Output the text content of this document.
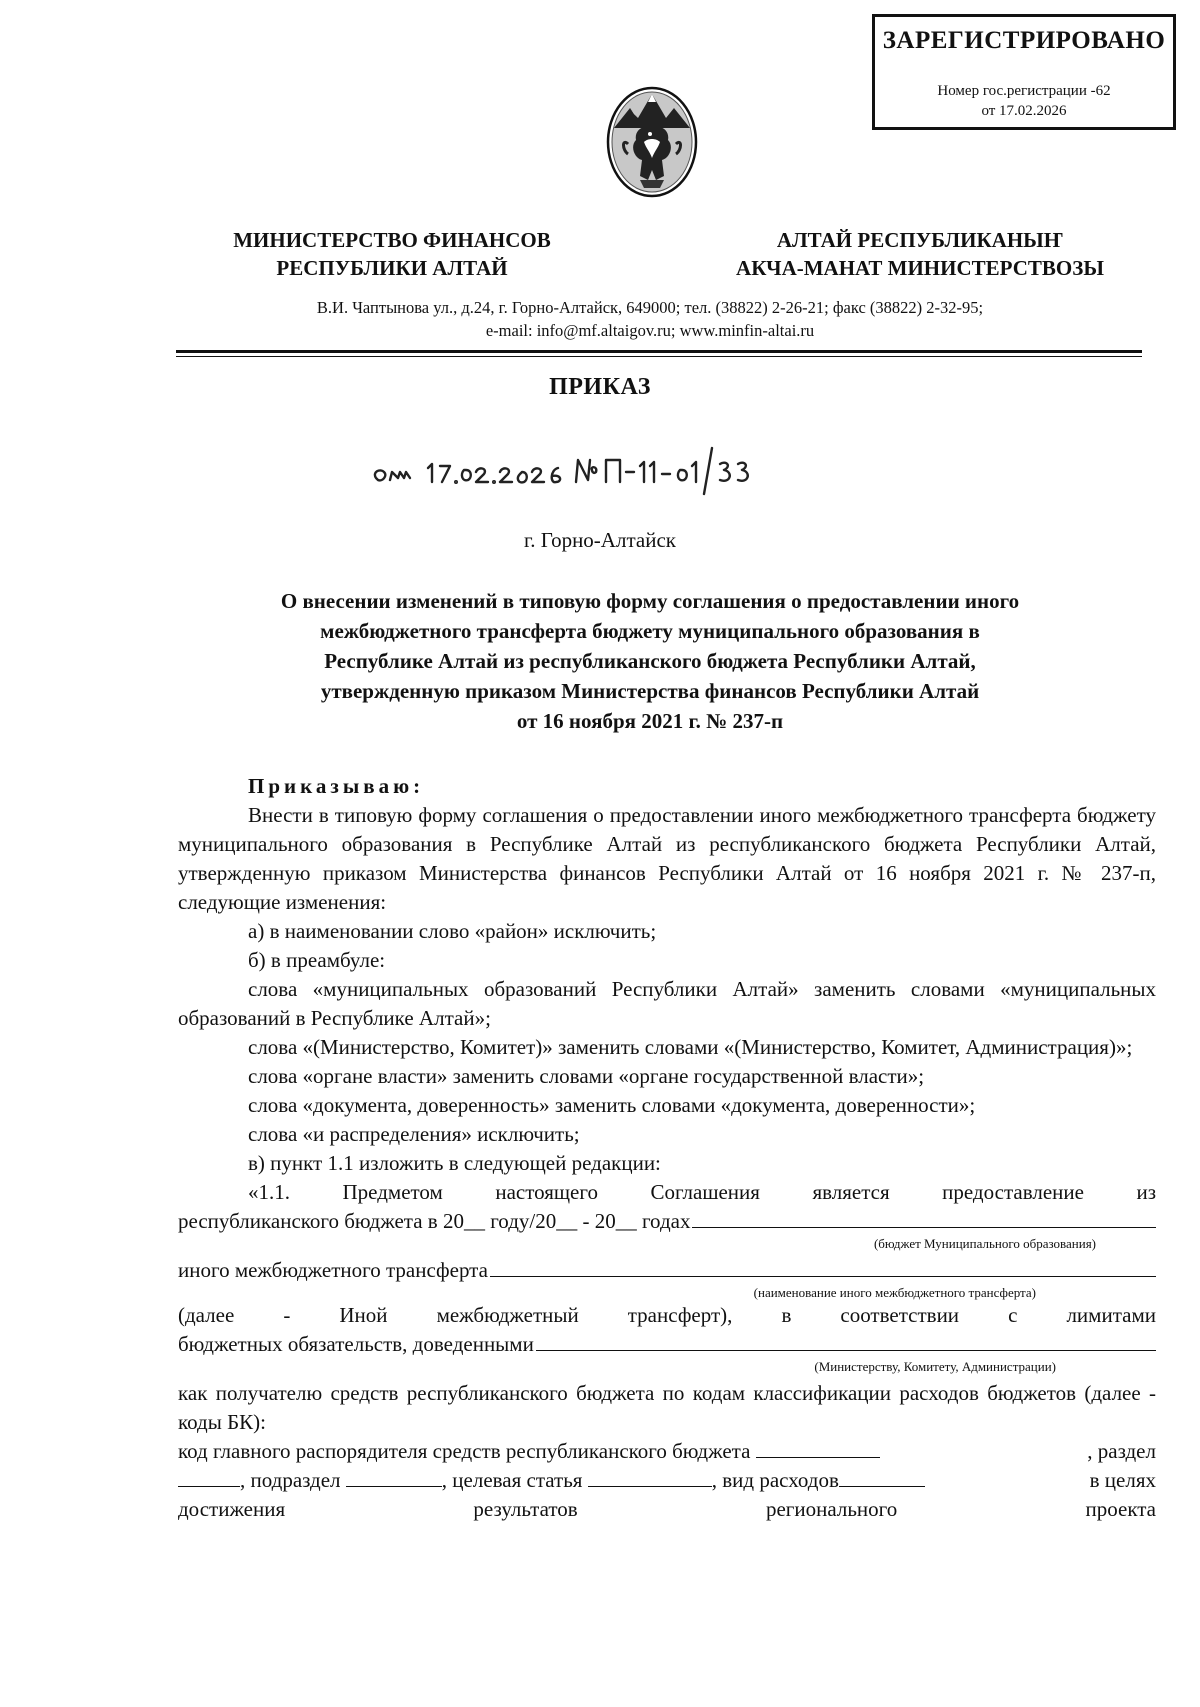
ЗАРЕГИСТРИРОВАНО
Номер гос.регистрации -62
от 17.02.2026
МИНИСТЕРСТВО ФИНАНСОВ
РЕСПУБЛИКИ АЛТАЙ
АЛТАЙ РЕСПУБЛИКАНЫҤ
АКЧА-МАНАТ МИНИСТЕРСТВОЗЫ
В.И. Чаптынова ул., д.24, г. Горно-Алтайск, 649000; тел. (38822) 2-26-21; факс (38822) 2-32-95;
e-mail: info@mf.altaigov.ru; www.minfin-altai.ru
ПРИКАЗ
г. Горно-Алтайск
О внесении изменений в типовую форму соглашения о предоставлении иного
межбюджетного трансферта бюджету муниципального образования в
Республике Алтай из республиканского бюджета Республики Алтай,
утвержденную приказом Министерства финансов Республики Алтай
от 16 ноября 2021 г. № 237-п
Приказываю:

Внести в типовую форму соглашения о предоставлении иного межбюджетного трансферта бюджету муниципального образования в Республике Алтай из республиканского бюджета Республики Алтай, утвержденную приказом Министерства финансов Республики Алтай от 16 ноября 2021 г. № 237-п, следующие изменения:

а) в наименовании слово «район» исключить;
б) в преамбуле:

слова «муниципальных образований Республики Алтай» заменить словами «муниципальных образований в Республике Алтай»;

слова «(Министерство, Комитет)» заменить словами «(Министерство, Комитет, Администрация)»;

слова «органе власти» заменить словами «органе государственной власти»;
слова «документа, доверенность» заменить словами «документа, доверенности»;
слова «и распределения» исключить;
в) пункт 1.1 изложить в следующей редакции:
«1.1.  Предметом  настоящего  Соглашения  является  предоставление  из
республиканского бюджета в 20__ году/20__ - 20__ годах
(бюджет Муниципального образования)
иного межбюджетного трансферта
(наименование иного межбюджетного трансферта)
(далее - Иной межбюджетный трансферт), в соответствии с лимитами
бюджетных обязательств, доведенными
(Министерству, Комитету, Администрации)

как получателю средств республиканского бюджета по кодам классификации расходов бюджетов (далее - коды БК):

код главного распорядителя средств республиканского бюджета	, раздел
, подраздел	, целевая статья	, вид расходов	в целях
достижения	результатов	регионального	проекта
